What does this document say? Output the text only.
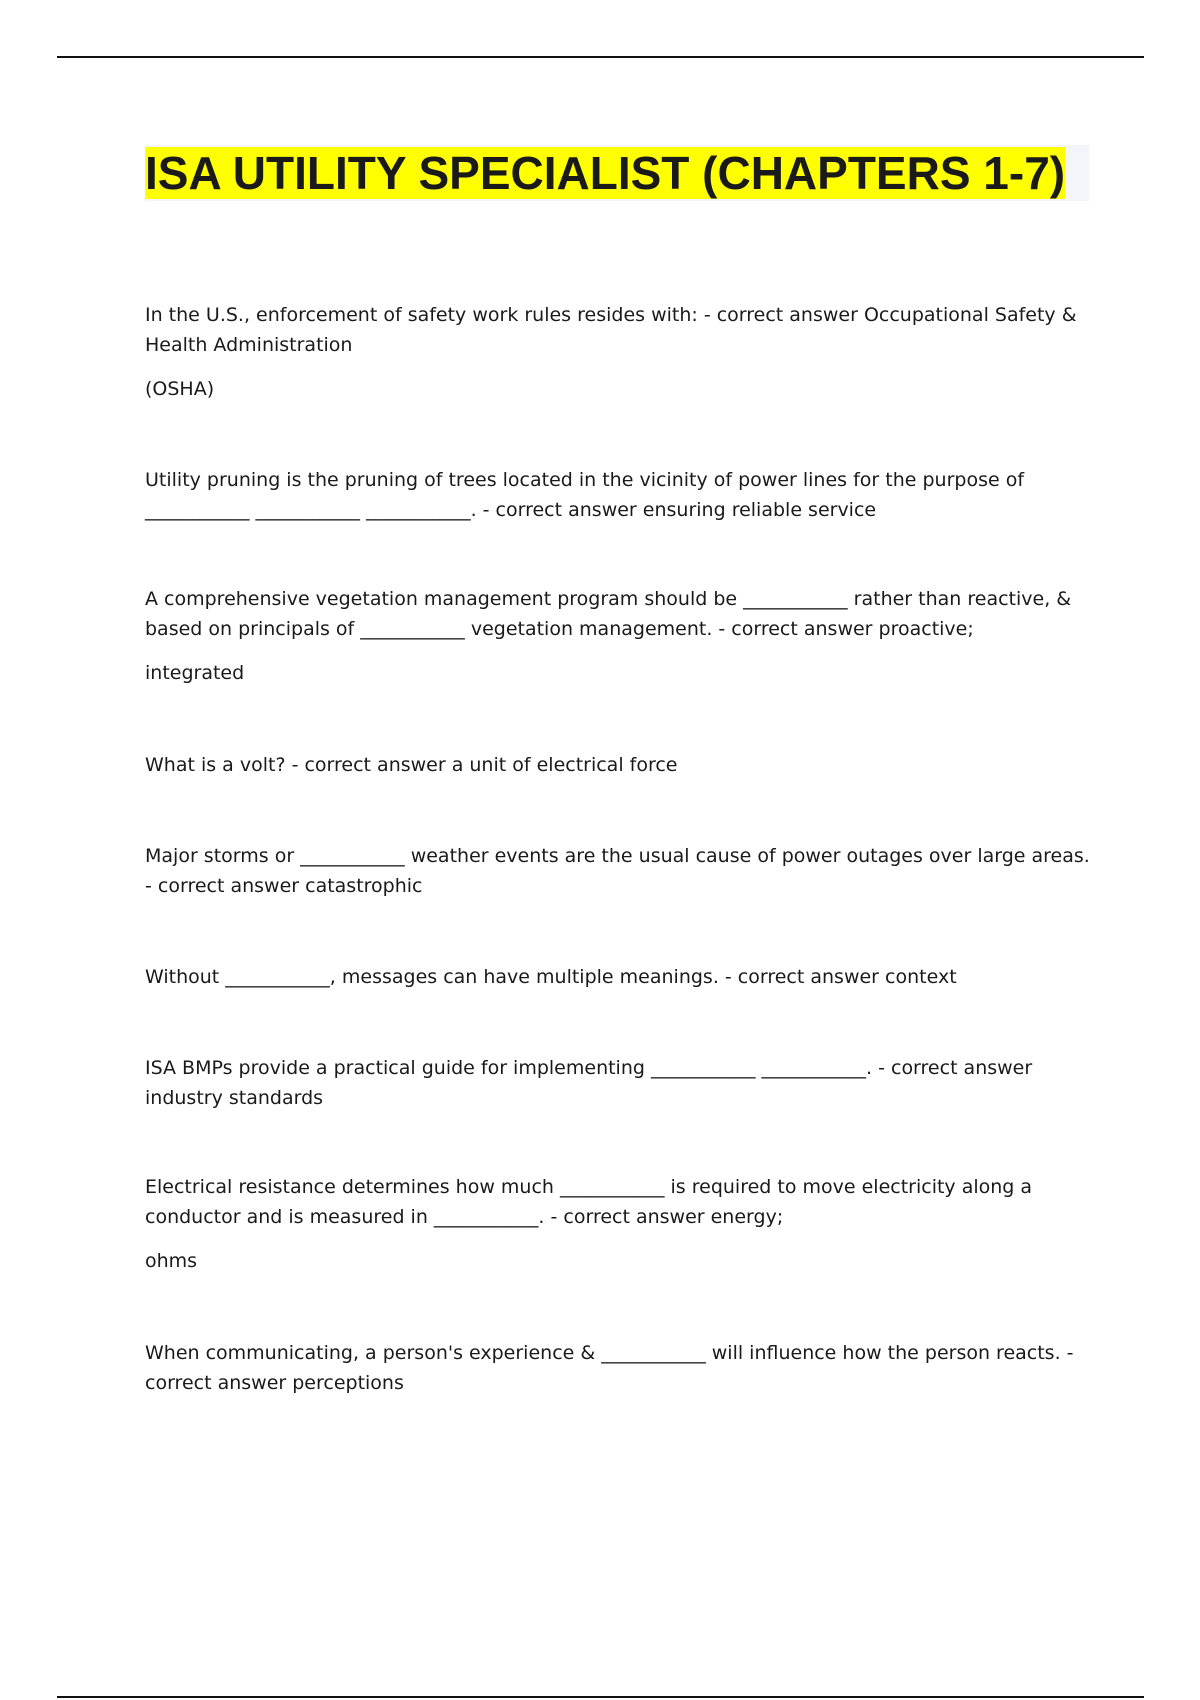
ISA UTILITY SPECIALIST (CHAPTERS 1-7)

In the U.S., enforcement of safety work rules resides with: - correct answer Occupational Safety & Health Administration

(OSHA)

Utility pruning is the pruning of trees located in the vicinity of power lines for the purpose of ___________ ___________ ___________. - correct answer ensuring reliable service

A comprehensive vegetation management program should be ___________ rather than reactive, & based on principals of ___________ vegetation management. - correct answer proactive;

integrated

What is a volt? - correct answer a unit of electrical force

Major storms or ___________ weather events are the usual cause of power outages over large areas. - correct answer catastrophic

Without ___________, messages can have multiple meanings. - correct answer context

ISA BMPs provide a practical guide for implementing ___________ ___________. - correct answer industry standards

Electrical resistance determines how much ___________ is required to move electricity along a conductor and is measured in ___________. - correct answer energy;

ohms

When communicating, a person's experience & ___________ will influence how the person reacts. - correct answer perceptions
